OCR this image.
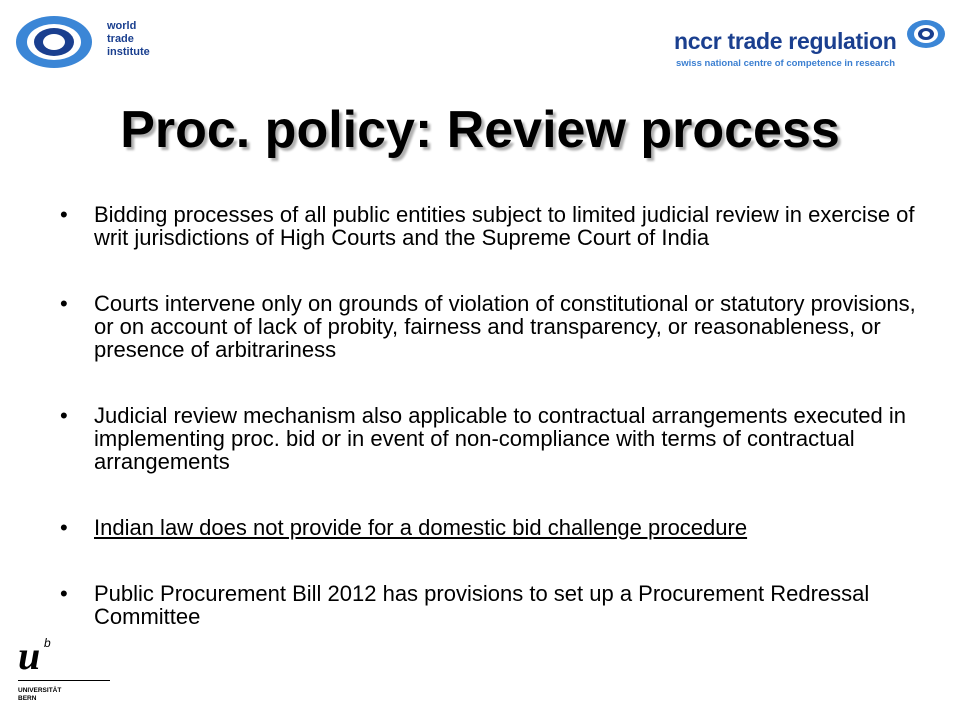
world
trade
institute	nccr trade regulation
swiss national centre of competence in research
Proc. policy: Review process
• Bidding processes of all public entities subject to limited judicial review in exercise of writ jurisdictions of High Courts and the Supreme Court of India
• Courts intervene only on grounds of violation of constitutional or statutory provisions, or on account of lack of probity, fairness and transparency, or reasonableness, or presence of arbitrariness
• Judicial review mechanism also applicable to contractual arrangements executed in implementing proc. bid or in event of non-compliance with terms of contractual arrangements
• Indian law does not provide for a domestic bid challenge procedure
• Public Procurement Bill 2012 has provisions to set up a Procurement Redressal Committee
u b
UNIVERSITÄT
BERN
